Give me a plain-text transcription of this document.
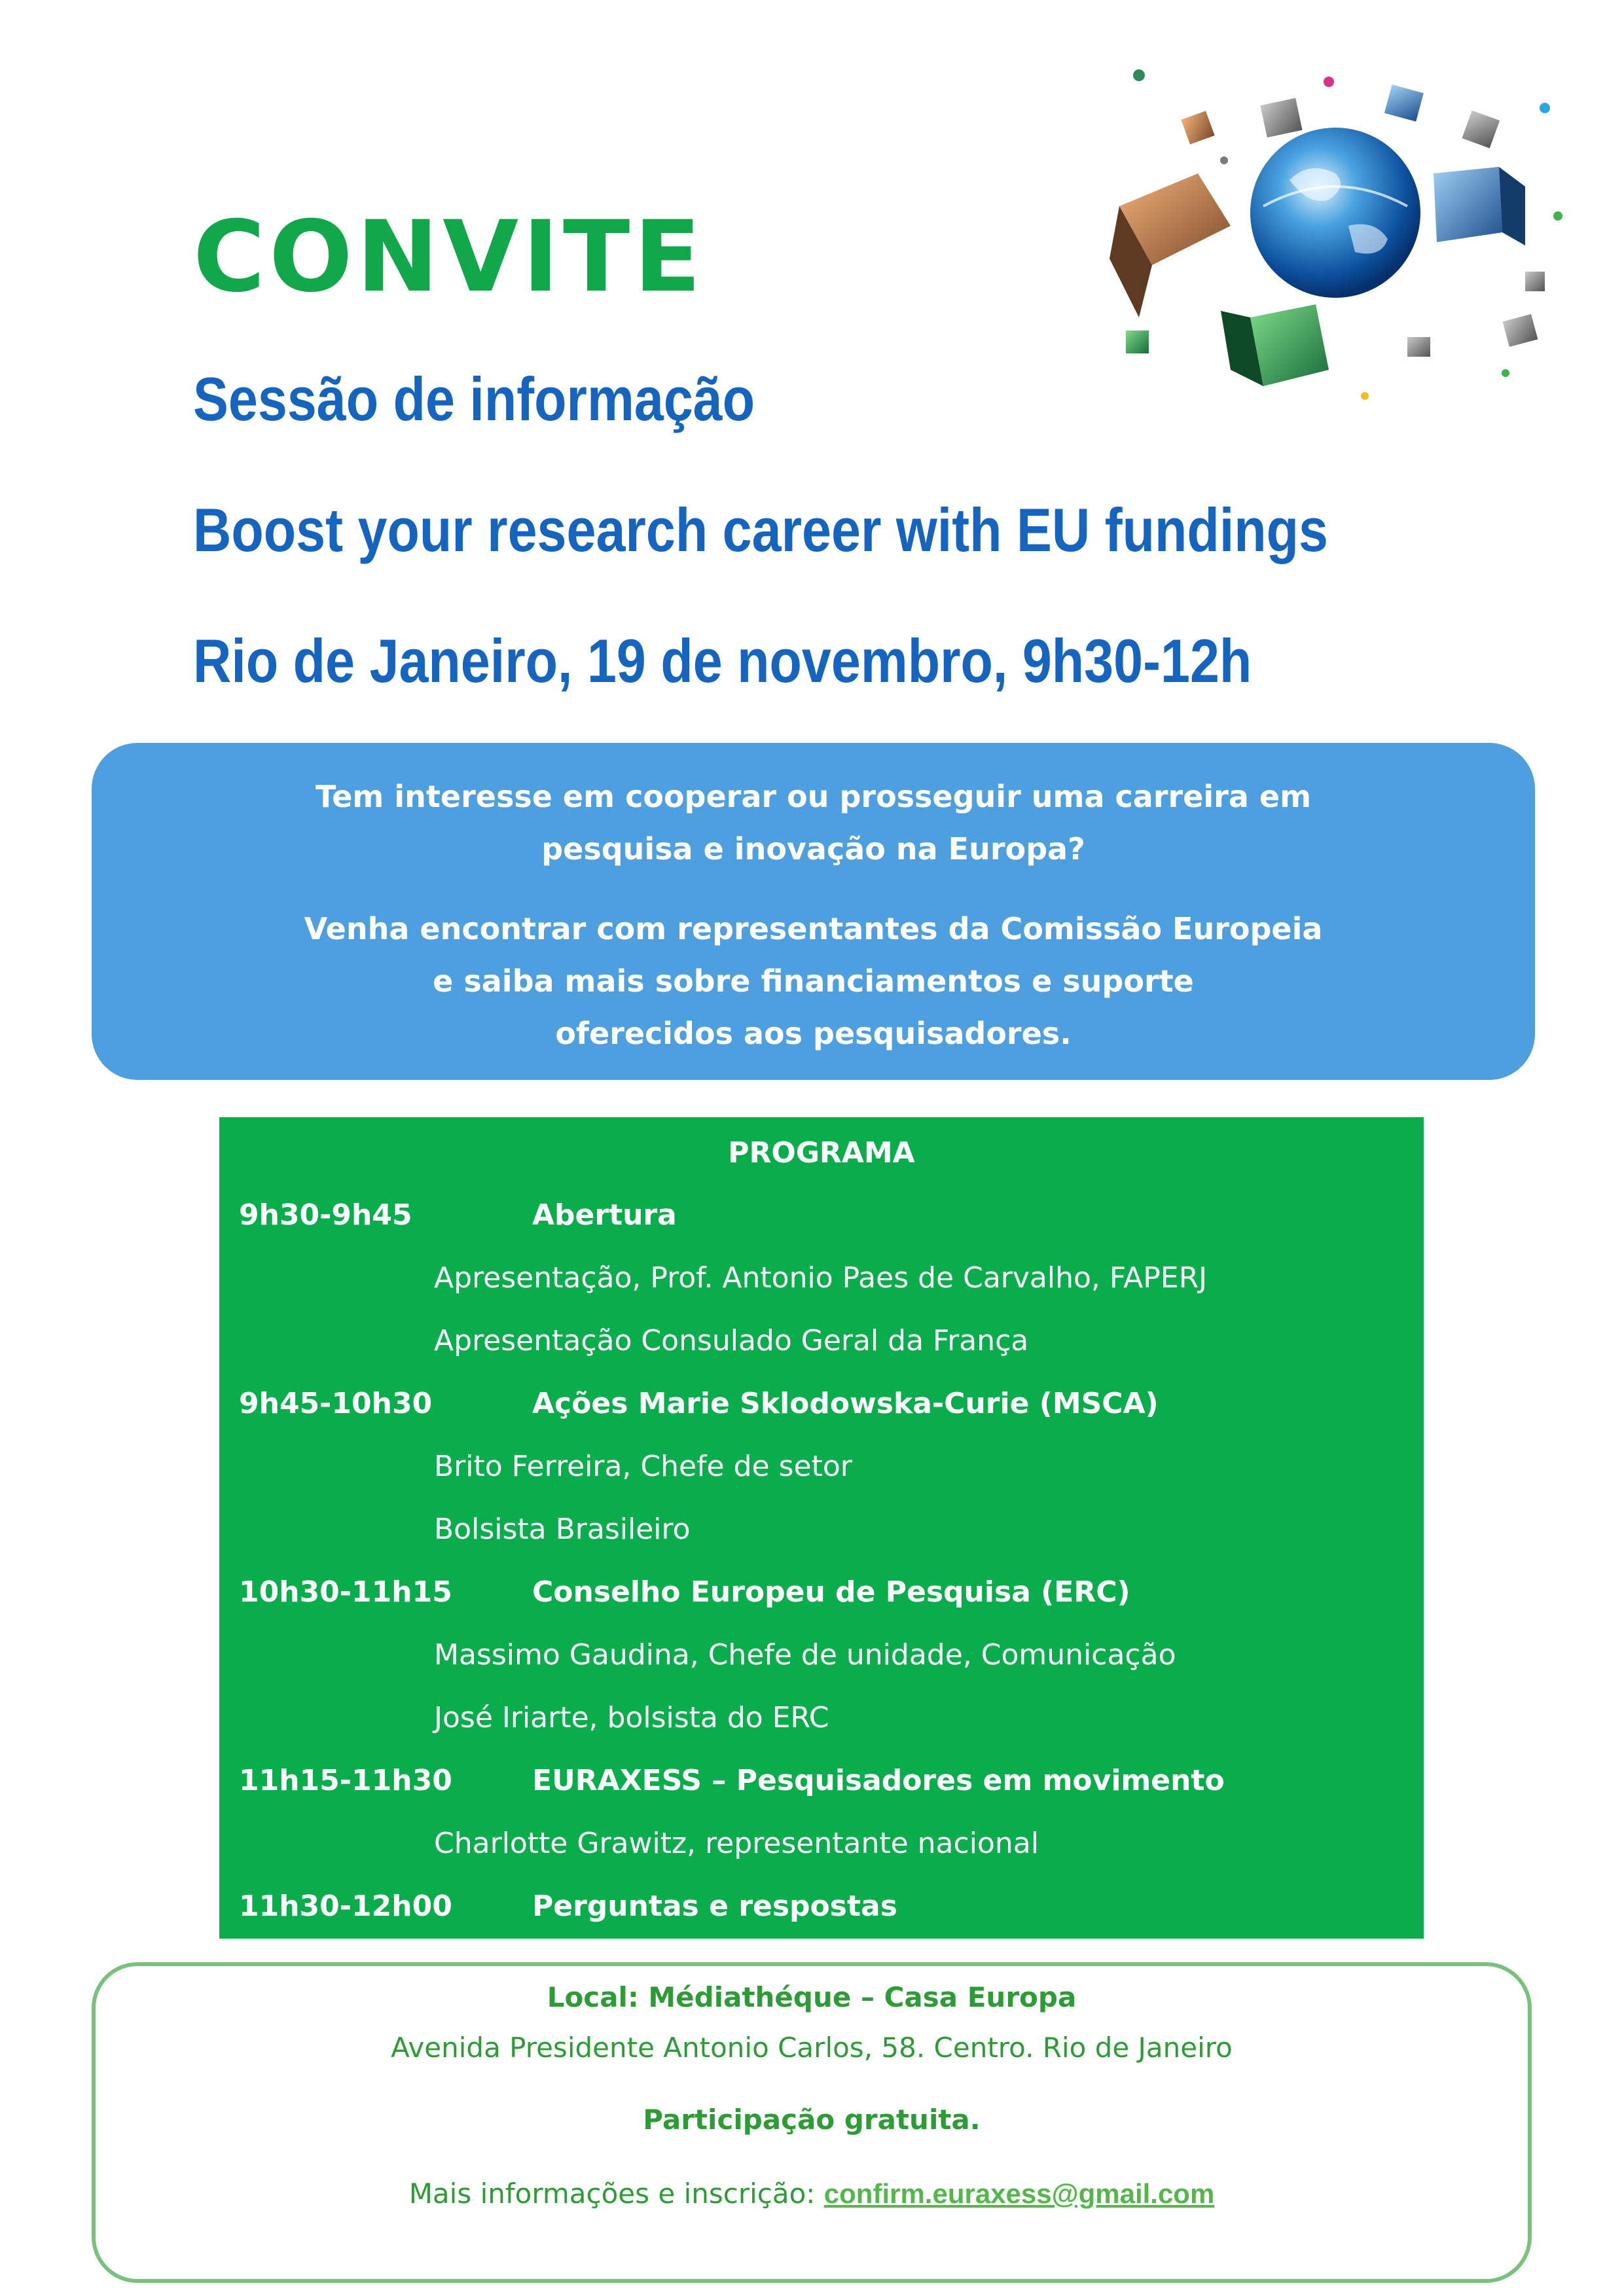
CONVITE
Sessão de informação
Boost your research career with EU fundings
Rio de Janeiro, 19 de novembro, 9h30-12h

Tem interesse em cooperar ou prosseguir uma carreira em

pesquisa e inovação na Europa?

Venha encontrar com representantes da Comissão Europeia

e saiba mais sobre financiamentos e suporte

oferecidos aos pesquisadores.

PROGRAMA
9h30-9h45	Abertura
Apresentação, Prof. Antonio Paes de Carvalho, FAPERJ
Apresentação Consulado Geral da França
9h45-10h30	Ações Marie Sklodowska-Curie (MSCA)
Brito Ferreira, Chefe de setor
Bolsista Brasileiro
10h30-11h15	Conselho Europeu de Pesquisa (ERC)
Massimo Gaudina, Chefe de unidade, Comunicação
José Iriarte, bolsista do ERC
11h15-11h30	EURAXESS – Pesquisadores em movimento
Charlotte Grawitz, representante nacional
11h30-12h00	Perguntas e respostas

Local: Médiathéque – Casa Europa

Avenida Presidente Antonio Carlos, 58. Centro. Rio de Janeiro

Participação gratuita.

Mais informações e inscrição: confirm.euraxess@gmail.com
